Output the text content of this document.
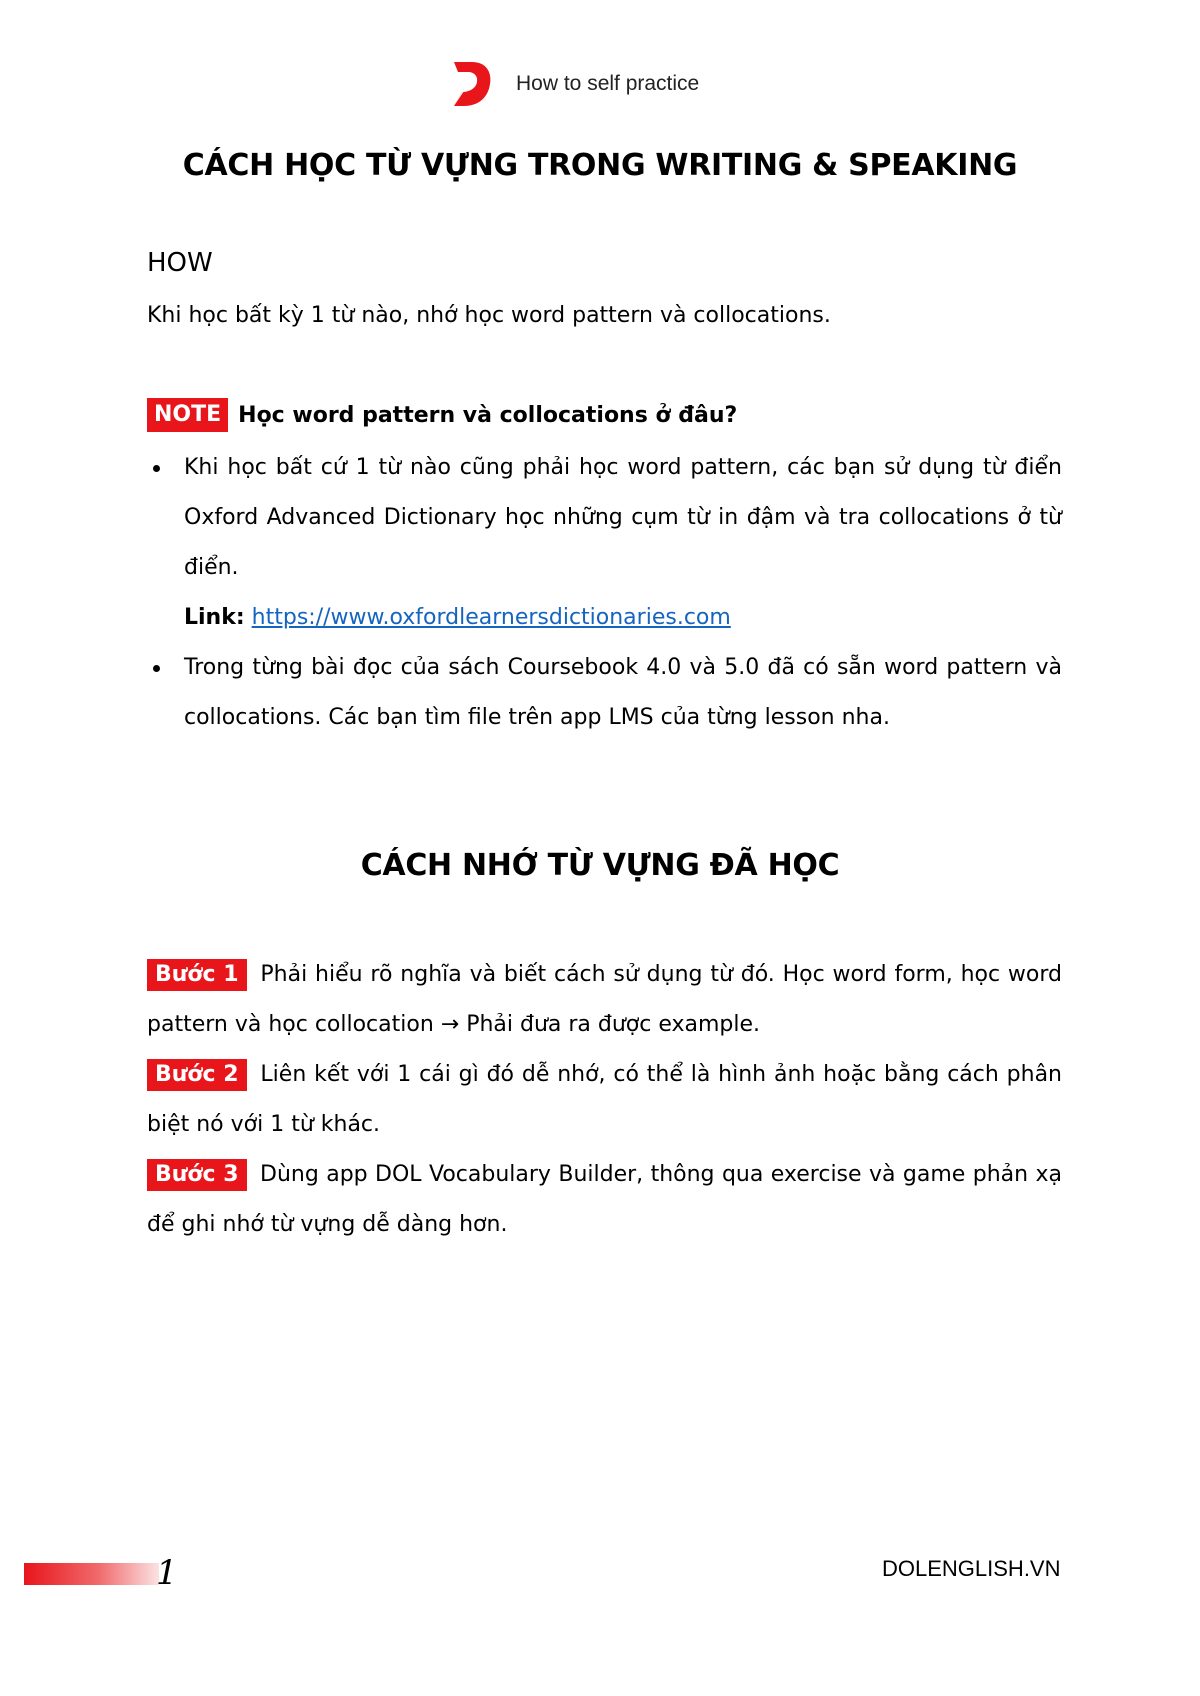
How to self practice
CÁCH HỌC TỪ VỰNG TRONG WRITING & SPEAKING
HOW

Khi học bất kỳ 1 từ nào, nhớ học word pattern và collocations.

NOTE Học word pattern và collocations ở đâu?
Khi học bất cứ 1 từ nào cũng phải học word pattern, các bạn sử dụng từ điển Oxford Advanced Dictionary học những cụm từ in đậm và tra collocations ở từ điển.
Link: https://www.oxfordlearnersdictionaries.com
Trong từng bài đọc của sách Coursebook 4.0 và 5.0 đã có sẵn word pattern và collocations. Các bạn tìm file trên app LMS của từng lesson nha.
CÁCH NHỚ TỪ VỰNG ĐÃ HỌC

Bước 1 Phải hiểu rõ nghĩa và biết cách sử dụng từ đó. Học word form, học word pattern và học collocation → Phải đưa ra được example.

Bước 2 Liên kết với 1 cái gì đó dễ nhớ, có thể là hình ảnh hoặc bằng cách phân biệt nó với 1 từ khác.

Bước 3 Dùng app DOL Vocabulary Builder, thông qua exercise và game phản xạ để ghi nhớ từ vựng dễ dàng hơn.

1	DOLENGLISH.VN
